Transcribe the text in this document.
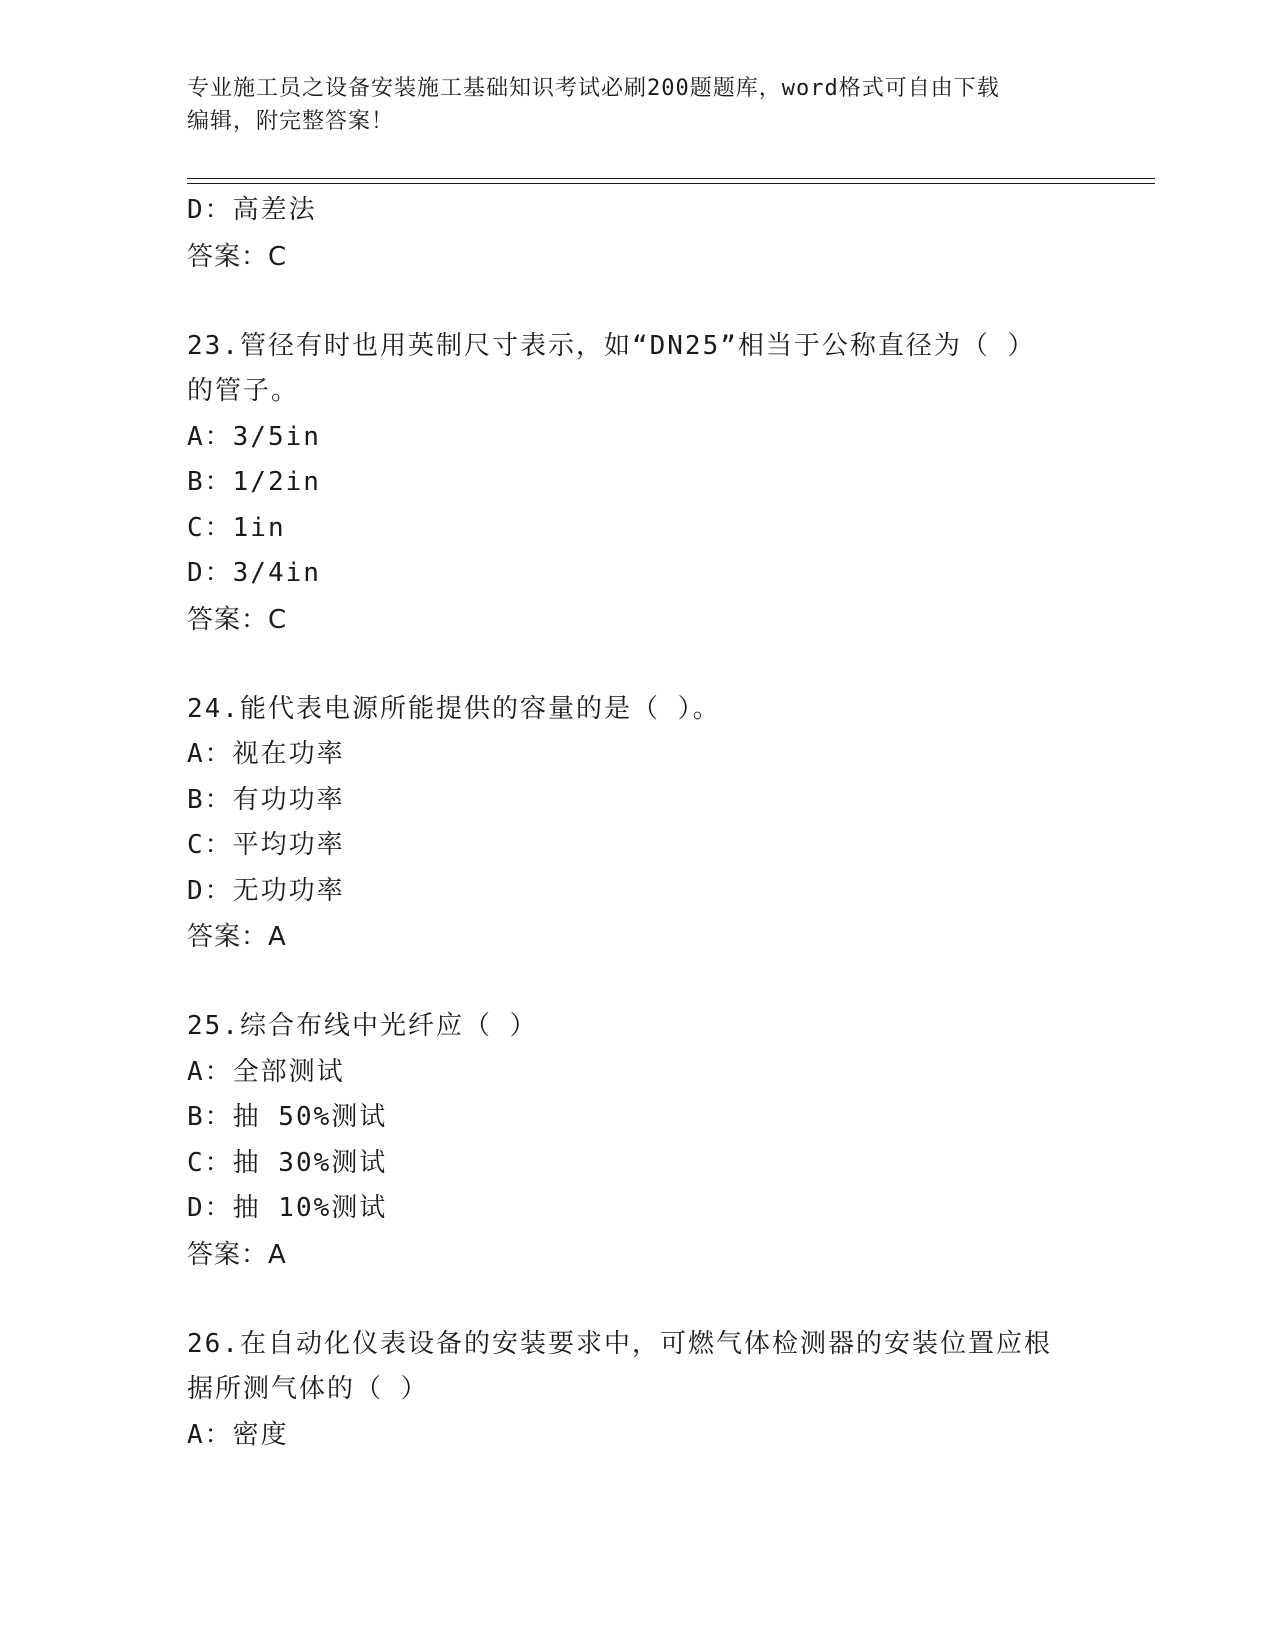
专业施工员之设备安装施工基础知识考试必刷200题题库，word格式可自由下载
编辑，附完整答案！
D：高差法
答案：C
23.管径有时也用英制尺寸表示，如“DN25”相当于公称直径为（ ）
的管子。
A：3/5in
B：1/2in
C：1in
D：3/4in
答案：C
24.能代表电源所能提供的容量的是（ ）。
A：视在功率
B：有功功率
C：平均功率
D：无功功率
答案：A
25.综合布线中光纤应（ ）
A：全部测试
B：抽 50%测试
C：抽 30%测试
D：抽 10%测试
答案：A
26.在自动化仪表设备的安装要求中，可燃气体检测器的安装位置应根
据所测气体的（ ）
A：密度
